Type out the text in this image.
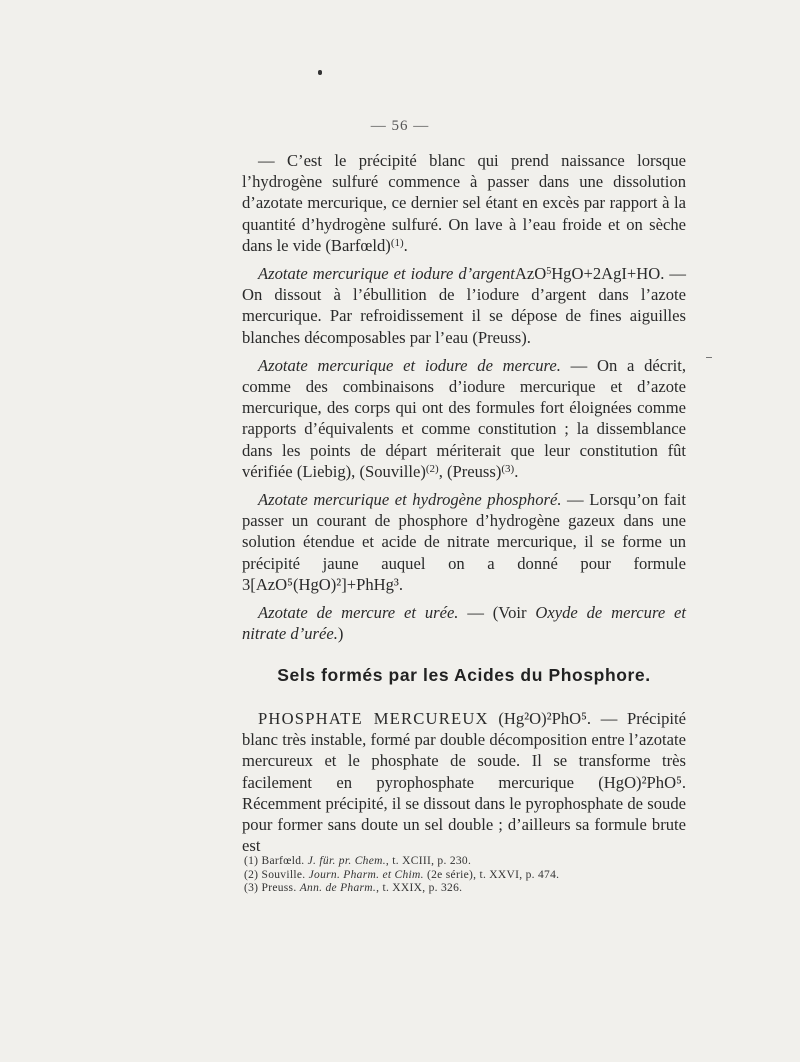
— 56 —

— C’est le précipité blanc qui prend naissance lorsque l’hydrogène sulfuré commence à passer dans une dissolution d’azotate mercurique, ce dernier sel étant en excès par rapport à la quantité d’hydrogène sulfuré. On lave à l’eau froide et on sèche dans le vide (Barfœld)$^{(1)}$.

Azotate mercurique et iodure d’argentAzO$^5$HgO+2AgI+HO. — On dissout à l’ébullition de l’iodure d’argent dans l’azote mercurique. Par refroidissement il se dépose de fines aiguilles blanches décomposables par l’eau (Preuss).

Azotate mercurique et iodure de mercure. — On a décrit, comme des combinaisons d’iodure mercurique et d’azote mercurique, des corps qui ont des formules fort éloignées comme rapports d’équivalents et comme constitution ; la dissemblance dans les points de départ mériterait que leur constitution fût vérifiée (Liebig), (Souville)$^{(2)}$, (Preuss)$^{(3)}$.

Azotate mercurique et hydrogène phosphoré. — Lorsqu’on fait passer un courant de phosphore d’hydrogène gazeux dans une solution étendue et acide de nitrate mercurique, il se forme un précipité jaune auquel on a donné pour formule 3[AzO⁵(HgO)²]+PhHg³.

Azotate de mercure et urée. — (Voir Oxyde de mercure et nitrate d’urée.)

Sels formés par les Acides du Phosphore.

PHOSPHATE MERCUREUX (Hg²O)²PhO⁵. — Précipité blanc très instable, formé par double décomposition entre l’azotate mercureux et le phosphate de soude. Il se transforme très facilement en pyrophosphate mercurique (HgO)²PhO⁵. Récemment précipité, il se dissout dans le pyrophosphate de soude pour former sans doute un sel double ; d’ailleurs sa formule brute est

(1) Barfœld. J. für. pr. Chem., t. XCIII, p. 230.
(2) Souville. Journ. Pharm. et Chim. (2e série), t. XXVI, p. 474.
(3) Preuss. Ann. de Pharm., t. XXIX, p. 326.
